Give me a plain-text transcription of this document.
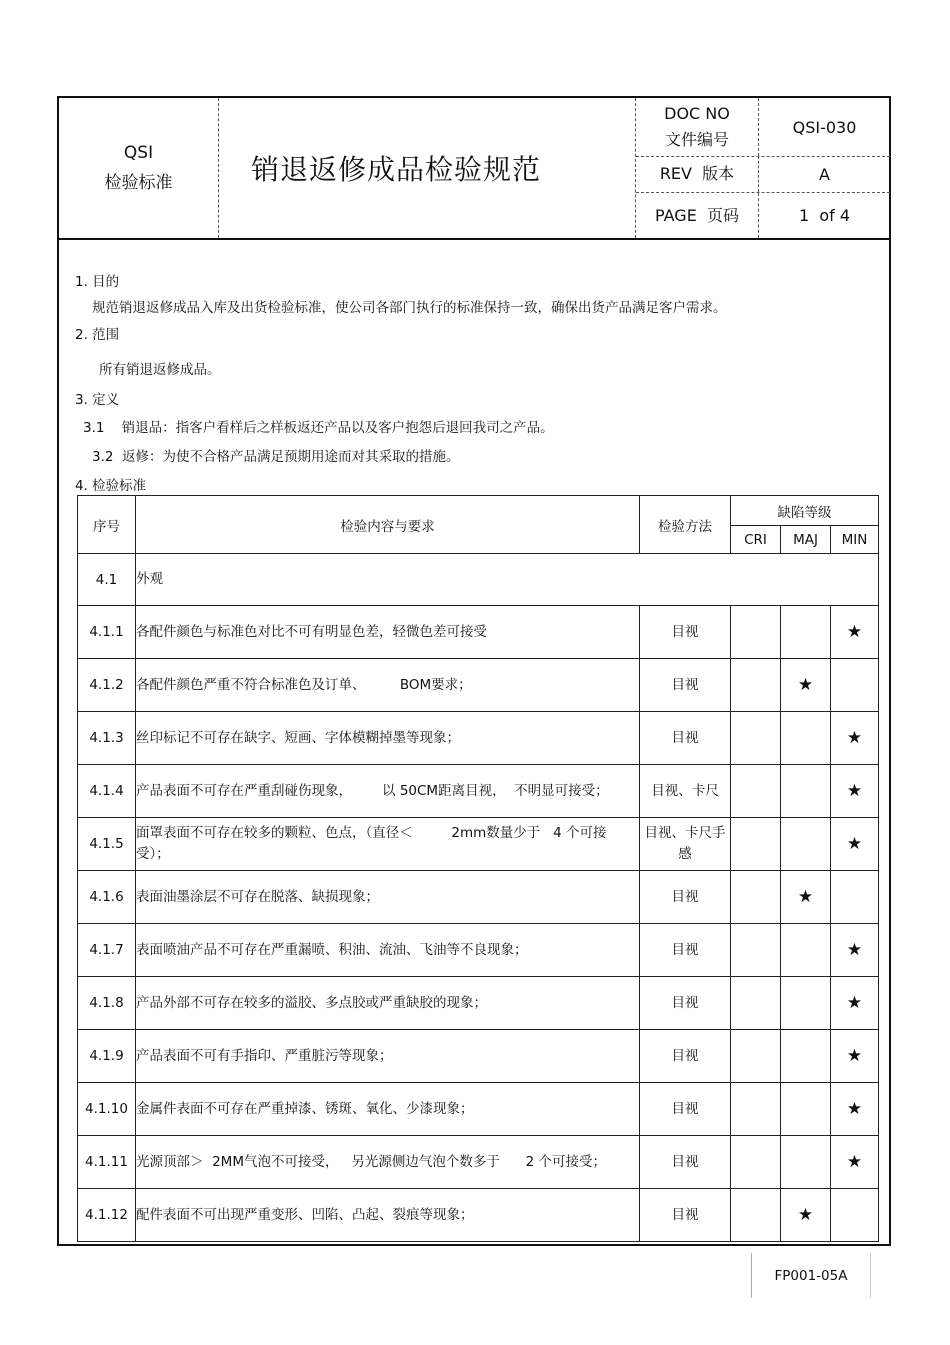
QSI
检验标准	销退返修成品检验规范
DOC NO
文件编号
QSI-030
REV  版本	A
PAGE  页码	1  of 4
1. 目的
规范销退返修成品入库及出货检验标准，使公司各部门执行的标准保持一致，确保出货产品满足客户需求。
2. 范围
所有销退返修成品。
3. 定义
3.1    销退品：指客户看样后之样板返还产品以及客户抱怨后退回我司之产品。
3.2  返修：为使不合格产品满足预期用途而对其采取的措施。
4. 检验标准
序号	检验内容与要求	检验方法	缺陷等级		
			CRI	MAJ	MIN
4.1	外观				
4.1.1	各配件颜色与标准色对比不可有明显色差，轻微色差可接受	目视			★
4.1.2	各配件颜色严重不符合标准色及订单、        BOM要求；	目视		★	
4.1.3	丝印标记不可存在缺字、短画、字体模糊掉墨等现象；	目视			★
4.1.4	产品表面不可存在严重刮碰伤现象，       以 50CM距离目视，  不明显可接受；	目视、卡尺			★
4.1.5	面罩表面不可存在较多的颗粒、色点，（直径＜         2mm数量少于   4 个可接受）；	目视、卡尺手感			★
4.1.6	表面油墨涂层不可存在脱落、缺损现象；	目视		★	
4.1.7	表面喷油产品不可存在严重漏喷、积油、流油、飞油等不良现象；	目视			★
4.1.8	产品外部不可存在较多的溢胶、多点胶或严重缺胶的现象；	目视			★
4.1.9	产品表面不可有手指印、严重脏污等现象；	目视			★
4.1.10	金属件表面不可存在严重掉漆、锈斑、氧化、少漆现象；	目视			★
4.1.11	光源顶部＞  2MM气泡不可接受，   另光源侧边气泡个数多于      2 个可接受；	目视			★
4.1.12	配件表面不可出现严重变形、凹陷、凸起、裂痕等现象；	目视		★	
FP001-05A
